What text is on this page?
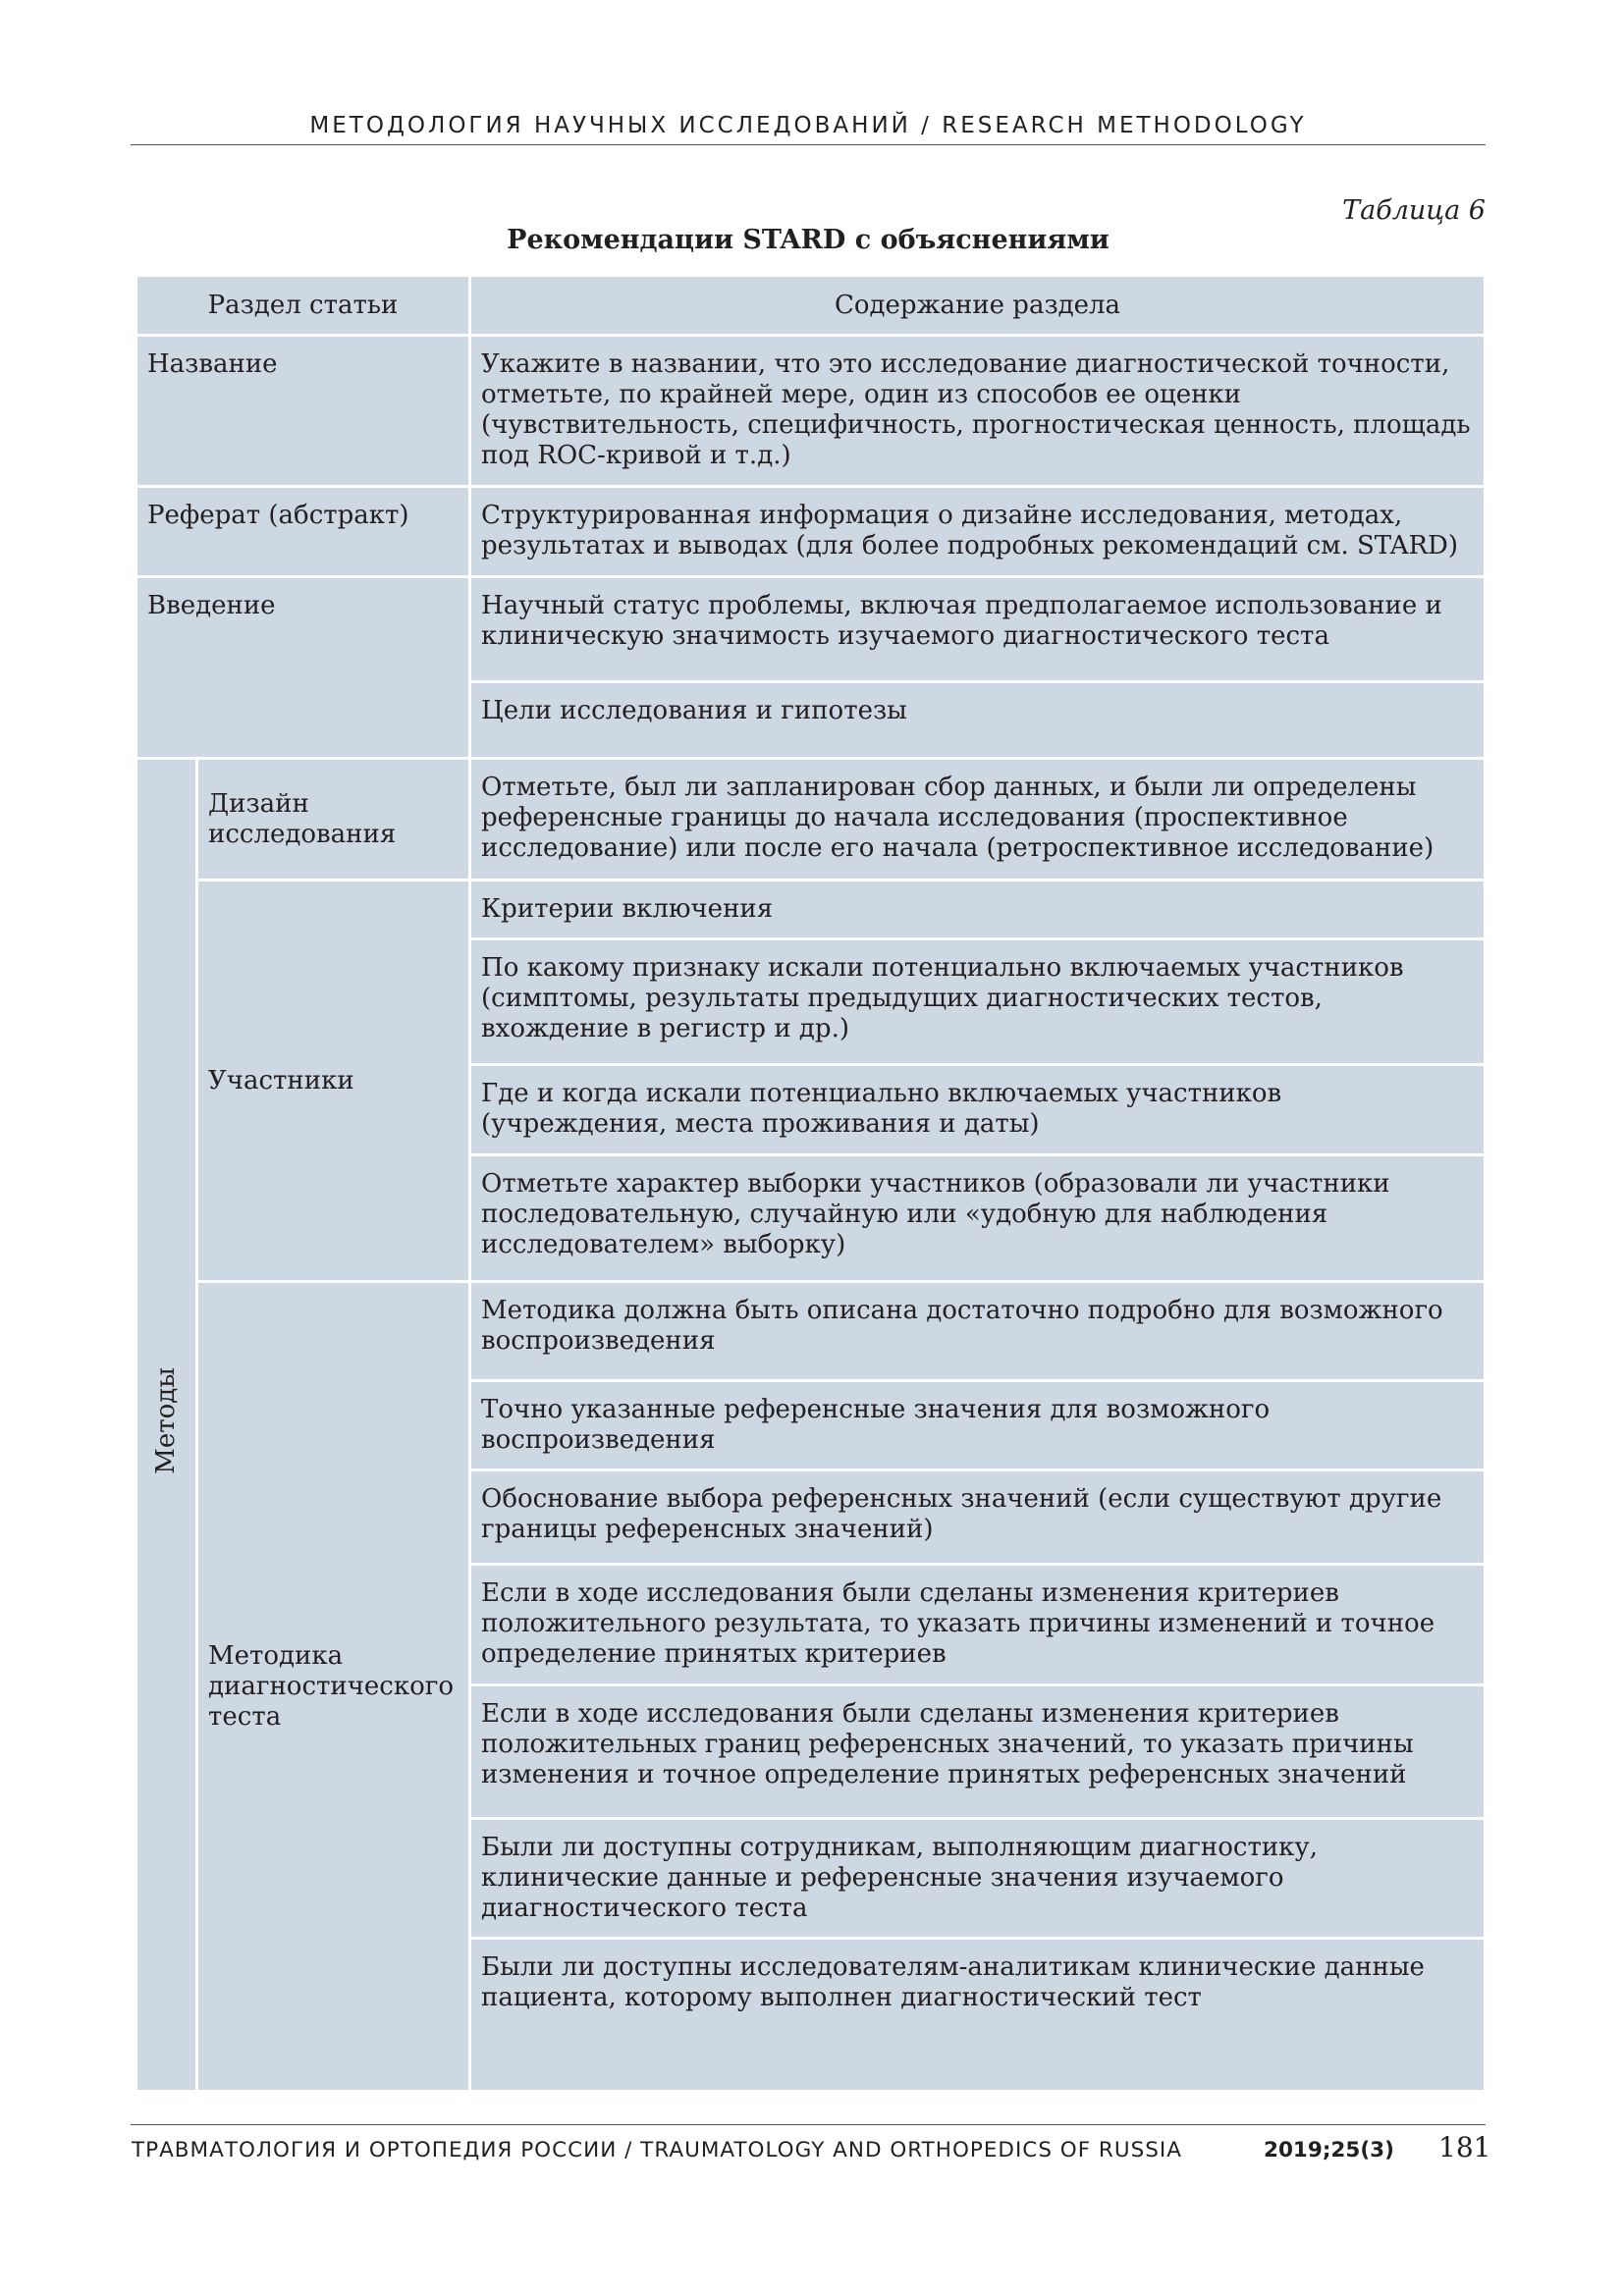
МЕТОДОЛОГИЯ НАУЧНЫХ ИССЛЕДОВАНИЙ / RESEARCH METHODOLOGY
Таблица 6
Рекомендации STARD с объяснениями
Раздел статьи		Содержание раздела

Название		Укажите в названии, что это исследование диагностической точности, отметьте, по крайней мере, один из способов ее оценки (чувствительность, специфичность, прогностическая ценность, площадь под ROC-кривой и т.д.)

Реферат (абстракт)		Структурированная информация о дизайне исследования, методах, результатах и выводах (для более подробных рекомендаций см. STARD)

Введение		Научный статус проблемы, включая предполагаемое использование и клиническую значимость изучаемого диагностического теста

		Цели исследования и гипотезы

Методы	Дизайн исследования	Отметьте, был ли запланирован сбор данных, и были ли определены референсные границы до начала исследования (проспективное исследование) или после его начала (ретроспективное исследование)

	Участники	Критерии включения

		По какому признаку искали потенциально включаемых участников (симптомы, результаты предыдущих диагностических тестов, вхождение в регистр и др.)

		Где и когда искали потенциально включаемых участников (учреждения, места проживания и даты)

		Отметьте характер выборки участников (образовали ли участники последовательную, случайную или «удобную для наблюдения исследователем» выборку)

	Методика диагностического теста	Методика должна быть описана достаточно подробно для возможного воспроизведения

		Точно указанные референсные значения для возможного воспроизведения

		Обоснование выбора референсных значений (если существуют другие границы референсных значений)

		Если в ходе исследования были сделаны изменения критериев положительного результата, то указать причины изменений и точное определение принятых критериев

		Если в ходе исследования были сделаны изменения критериев положительных границ референсных значений, то указать причины изменения и точное определение принятых референсных значений

		Были ли доступны сотрудникам, выполняющим диагностику, клинические данные и референсные значения изучаемого диагностического теста

		Были ли доступны исследователям-аналитикам клинические данные пациента, которому выполнен диагностический тест
ТРАВМАТОЛОГИЯ И ОРТОПЕДИЯ РОССИИ / TRAUMATOLOGY AND ORTHOPEDICS OF RUSSIA	2019;25(3) 181
